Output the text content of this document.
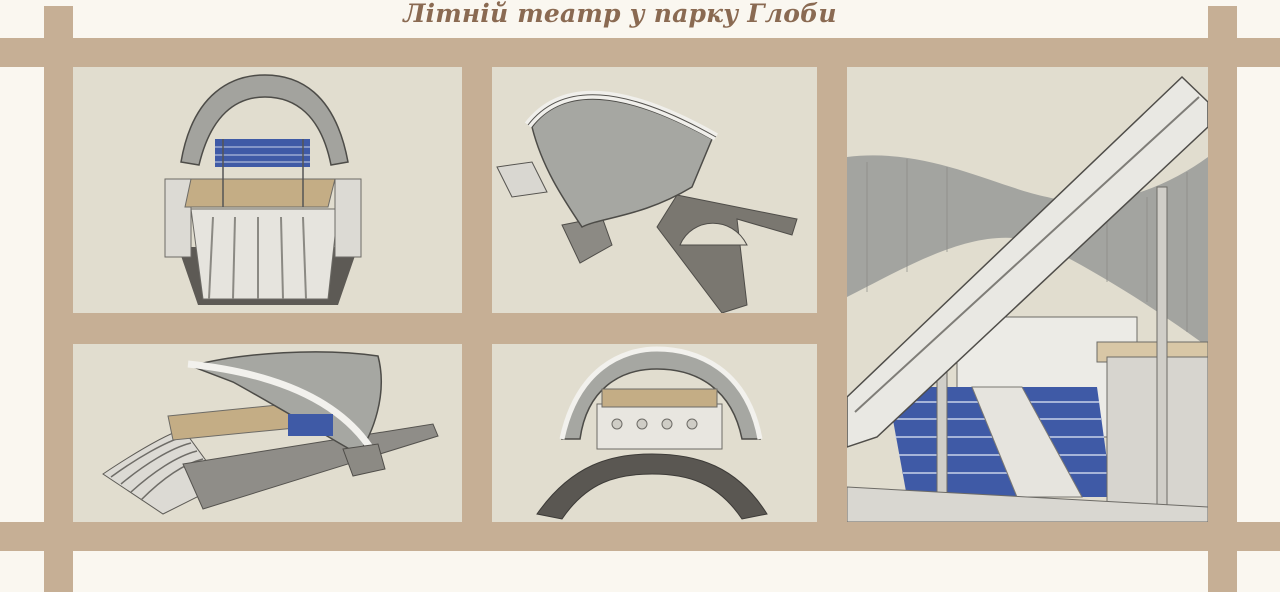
Літній театр у парку Глоби
